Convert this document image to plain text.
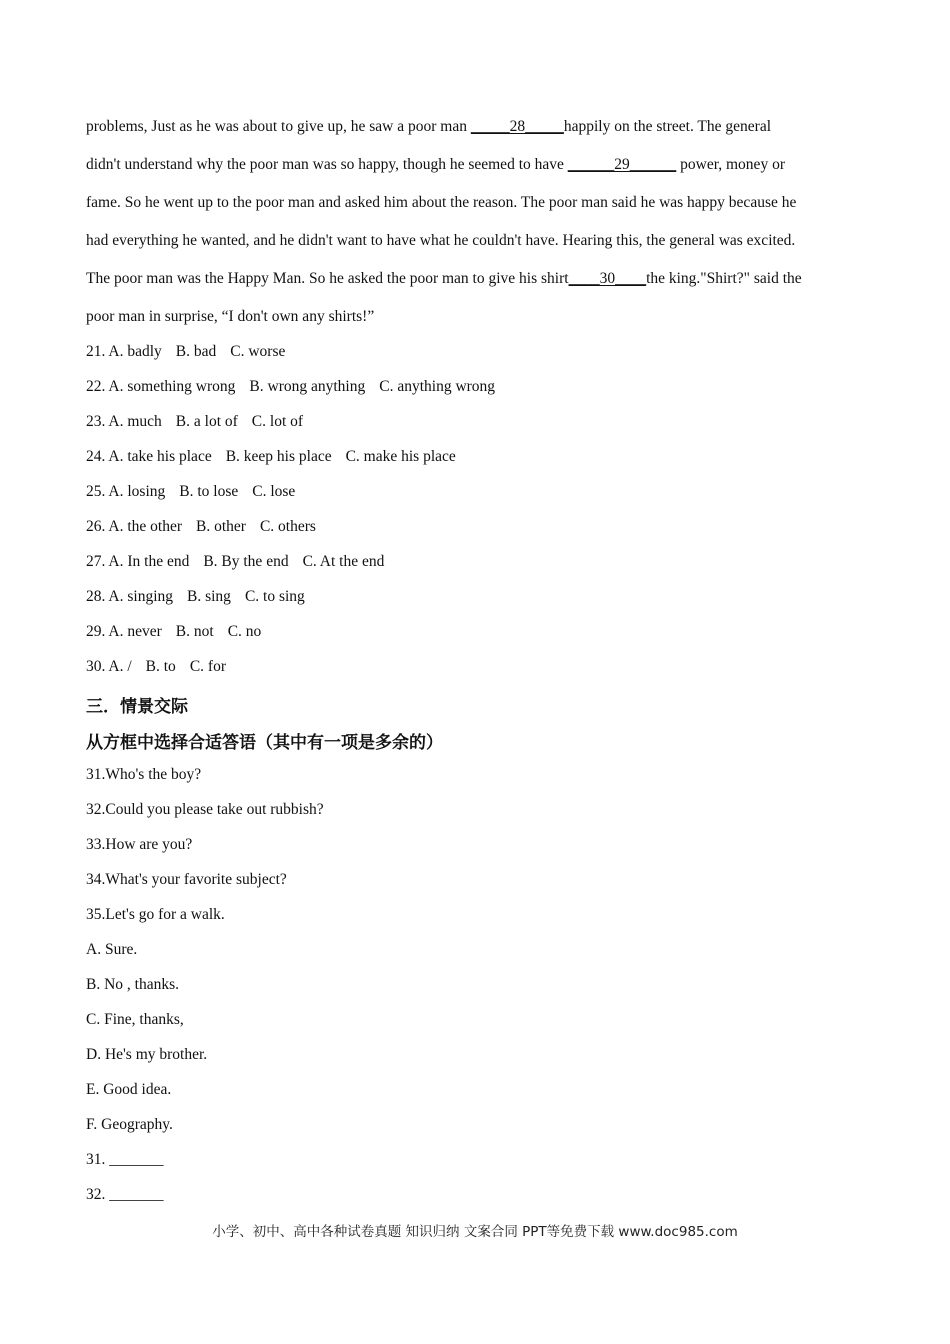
problems, Just as he was about to give up, he saw a poor man _____28_____happily on the street. The general
didn't understand why the poor man was so happy, though he seemed to have ______29______ power, money or
fame. So he went up to the poor man and asked him about the reason. The poor man said he was happy because he
had everything he wanted, and he didn't want to have what he couldn't have. Hearing this, the general was excited.
The poor man was the Happy Man. So he asked the poor man to give his shirt____30____the king."Shirt?" said the
poor man in surprise, “I don't own any shirts!”
21. A. badly B. bad C. worse
22. A. something wrong B. wrong anything C. anything wrong
23. A. much B. a lot of C. lot of
24. A. take his place B. keep his place C. make his place
25. A. losing B. to lose C. lose
26. A. the other B. other C. others
27. A. In the end B. By the end C. At the end
28. A. singing B. sing C. to sing
29. A. never B. not C. no
30. A. / B. to C. for
三．情景交际
从方框中选择合适答语（其中有一项是多余的）
31.Who's the boy?
32.Could you please take out rubbish?
33.How are you?
34.What's your favorite subject?
35.Let's go for a walk.
A. Sure.
B. No , thanks.
C. Fine, thanks,
D. He's my brother.
E. Good idea.
F. Geography.
31. _______
32. _______
小学、初中、高中各种试卷真题 知识归纳 文案合同 PPT等免费下载 www.doc985.com
